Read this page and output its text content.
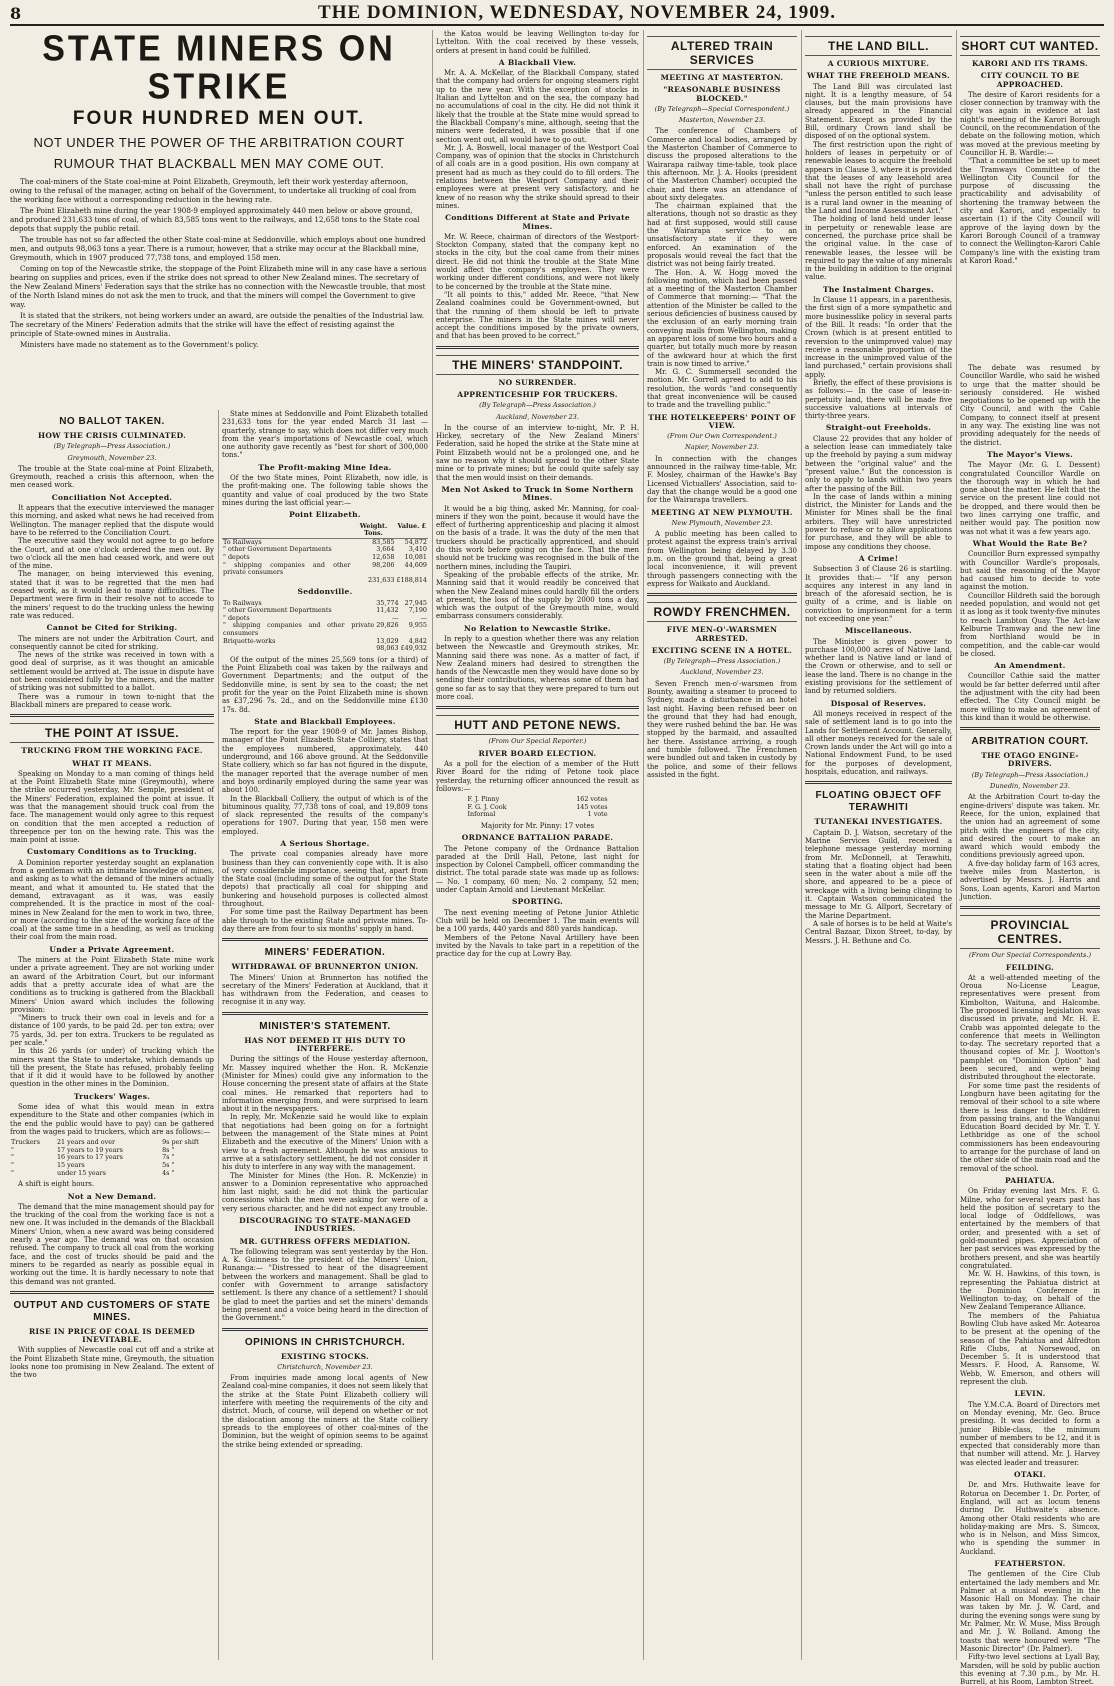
8	THE DOMINION, WEDNESDAY, NOVEMBER 24, 1909.
STATE MINERS ON STRIKE
FOUR HUNDRED MEN OUT.
NOT UNDER THE POWER OF THE ARBITRATION COURT
RUMOUR THAT BLACKBALL MEN MAY COME OUT.

The coal-miners of the State coal-mine at Point Elizabeth, Greymouth, left their work yesterday afternoon, owing to the refusal of the manager, acting on behalf of the Government, to undertake all trucking of coal from the working face without a corresponding reduction in the hewing rate.

The Point Elizabeth mine during the year 1908-9 employed approximately 440 men below or above ground, and produced 231,633 tons of coal, of which 83,585 tons went to the railways, and 12,658 tons to the State coal depots that supply the public retail.

The trouble has not so far affected the other State coal-mine at Seddonville, which employs about one hundred men, and outputs 98,063 tons a year. There is a rumour, however, that a strike may occur at the Blackball mine, Greymouth, which in 1907 produced 77,738 tons, and employed 158 men.

Coming on top of the Newcastle strike, the stoppage of the Point Elizabeth mine will in any case have a serious bearing on supplies and prices, even if the strike does not spread to other New Zealand mines. The secretary of the New Zealand Miners' Federation says that the strike has no connection with the Newcastle trouble, that most of the North Island mines do not ask the men to truck, and that the miners will compel the Government to give way.

It is stated that the strikers, not being workers under an award, are outside the penalties of the Industrial law. The secretary of the Miners' Federation admits that the strike will have the effect of resisting against the principle of State-owned mines in Australia.

Ministers have made no statement as to the Government's policy.

NO BALLOT TAKEN.
HOW THE CRISIS CULMINATED.
(By Telegraph—Press Association.)
Greymouth, November 23.

The trouble at the State coal-mine at Point Elizabeth, Greymouth, reached a crisis this afternoon, when the men ceased work.

Conciliation Not Accepted.

It appears that the executive interviewed the manager this morning, and asked what news he had received from Wellington. The manager replied that the dispute would have to be referred to the Conciliation Court.

The executive said they would not agree to go before the Court, and at one o'clock ordered the men out. By two o'clock all the men had ceased work, and were out of the mine.

The manager, on being interviewed this evening, stated that it was to be regretted that the men had ceased work, as it would lead to many difficulties. The Department were firm in their resolve not to accede to the miners' request to do the trucking unless the hewing rate was reduced.

Cannot be Cited for Striking.

The miners are not under the Arbitration Court, and consequently cannot be cited for striking.

The news of the strike was received in town with a good deal of surprise, as it was thought an amicable settlement would be arrived at. The issue in dispute have not been considered fully by the miners, and the matter of striking was not submitted to a ballot.

There was a rumour in town to-night that the Blackball miners are prepared to cease work.

THE POINT AT ISSUE.
TRUCKING FROM THE WORKING FACE.
WHAT IT MEANS.

Speaking on Monday to a man coming of things held at the Point Elizabeth State mine (Greymouth), where the strike occurred yesterday, Mr. Semple, president of the Miners' Federation, explained the point at issue. It was that the management should truck coal from the face. The management would only agree to this request on condition that the men accepted a reduction of threepence per ton on the hewing rate. This was the main point at issue.

Customary Conditions as to Trucking.

A Dominion reporter yesterday sought an explanation from a gentleman with an intimate knowledge of mines, and asking as to what the demand of the miners actually meant, and what it amounted to. He stated that the demand, extravagant as it was, was easily comprehended. It is the practice in most of the coal-mines in New Zealand for the men to work in two, three, or more (according to the size of the working face of the coal) at the same time in a heading, as well as trucking their coal from the main road.

Under a Private Agreement.

The miners at the Point Elizabeth State mine work under a private agreement. They are not working under an award of the Arbitration Court, but our informant adds that a pretty accurate idea of what are the conditions as to trucking is gathered from the Blackball Miners' Union award which includes the following provision:

"Miners to truck their own coal in levels and for a distance of 100 yards, to be paid 2d. per ton extra; over 75 yards, 3d. per ton extra. Truckers to be regulated as per scale."

In this 26 yards (or under) of trucking which the miners want the State to undertake, which demands up till the present, the State has refused, probably feeling that if it did it would have to be followed by another question in the other mines in the Dominion.

Truckers' Wages.

Some idea of what this would mean in extra expenditure to the State and other companies (which in the end the public would have to pay) can be gathered from the wages paid to truckers, which are as follows:—

Truckers	21 years and over	9s	per shift
"	17 years to 19 years	8s	"
"	16 years to 17 years	7s	"
"	15 years	5s	"
"	under 15 years	4s	"

A shift is eight hours.

Not a New Demand.

The demand that the mine management should pay for the trucking of the coal from the working face is not a new one. It was included in the demands of the Blackball Miners' Union, when a new award was being considered nearly a year ago. The demand was on that occasion refused. The company to truck all coal from the working face, and the cost of trucks should be paid and the miners to be regarded as nearly as possible equal in working out the time. It is hardly necessary to note that this demand was not granted.

OUTPUT AND CUSTOMERS OF STATE MINES.
RISE IN PRICE OF COAL IS DEEMED INEVITABLE.

With supplies of Newcastle coal cut off and a strike at the Point Elizabeth State mine, Greymouth, the situation looks none too promising in New Zealand. The extent of the two

State mines at Seddonville and Point Elizabeth totalled 231,633 tons for the year ended March 31 last — quarterly, strange to say, which does not differ very much from the year's importations of Newcastle coal, which one authority gave recently as "best for short of 300,000 tons."

The Profit-making Mine Idea.

Of the two State mines, Point Elizabeth, now idle, is the profit-making one. The following table shows the quantity and value of coal produced by the two State mines during the last official year:—

Point Elizabeth.
	Weight. Tons.	Value. £
To Railways	83,585	54,872
" other Government Departments	3,664	3,410
" depots	12,658	10,081
" shipping companies and other private consumers	98,206	44,609
	231,633	£188,814
Seddonville.
To Railways	35,774	27,945
" other Government Departments	11,432	7,190
" depots	—	—
" shipping companies and other private consumers	29,826	9,955
Briquette-works	13,029	4,842
	98,063	£49,932

Of the output of the mines 25,569 tons (or a third) of the Point Elizabeth coal was taken by the railways and Government Departments; and the output of the Seddonville mine, is sent by sea to the coast; the net profit for the year on the Point Elizabeth mine is shown as £37,296 7s. 2d., and on the Seddonville mine £130 17s. 8d.

State and Blackball Employees.

The report for the year 1908-9 of Mr. James Bishop, manager of the Point Elizabeth State Colliery, states that the employees numbered, approximately, 440 underground, and 166 above ground. At the Seddonville State colliery, which so far has not figured in the dispute, the manager reported that the average number of men and boys ordinarily employed during the same year was about 100.

In the Blackball Colliery, the output of which is of the bituminous quality, 77,738 tons of coal, and 19,809 tons of slack represented the results of the company's operations for 1907. During that year, 158 men were employed.

A Serious Shortage.

The private coal companies already have more business than they can conveniently cope with. It is also of very considerable importance, seeing that, apart from the State coal (including some of the output for the State depots) that practically all coal for shipping and bunkering and household purposes is collected almost throughout.

For some time past the Railway Department has been able through to the existing State and private mines. To-day there are from four to six months' supply in hand.

MINERS' FEDERATION.
WITHDRAWAL OF BRUNNERTON UNION.

The Miners' Union at Brunnerton has notified the secretary of the Miners' Federation at Auckland, that it has withdrawn from the Federation, and ceases to recognise it in any way.

MINISTER'S STATEMENT.
HAS NOT DEEMED IT HIS DUTY TO INTERFERE.

During the sittings of the House yesterday afternoon, Mr. Massey inquired whether the Hon. R. McKenzie (Minister for Mines) could give any information to the House concerning the present state of affairs at the State coal mines. He remarked that reporters had to information emerging from, and were surprised to learn about it in the newspapers.

In reply, Mr. McKenzie said he would like to explain that negotiations had been going on for a fortnight between the management of the State mines at Point Elizabeth and the executive of the Miners' Union with a view to a fresh agreement. Although he was anxious to arrive at a satisfactory settlement, he did not consider it his duty to interfere in any way with the management.

The Minister for Mines (the Hon. R. McKenzie) in answer to a Dominion representative who approached him last night, said: he did not think the particular concessions which the men were asking for were of a very serious character, and he did not expect any trouble.

DISCOURAGING TO STATE-MANAGED INDUSTRIES.
MR. GUTHRESS OFFERS MEDIATION.

The following telegram was sent yesterday by the Hon. A. K. Guinness to the president of the Miners' Union, Runanga:— "Distressed to hear of the disagreement between the workers and management. Shall be glad to confer with Government to arrange satisfactory settlement. Is there any chance of a settlement? I should be glad to meet the parties and set the miners' demands being present and a voice being heard in the direction of the Government."

OPINIONS IN CHRISTCHURCH.
EXISTING STOCKS.
Christchurch, November 23.

From inquiries made among local agents of New Zealand coal-mine companies, it does not seem likely that the strike at the State Point Elizabeth colliery will interfere with meeting the requirements of the city and district. Much, of course, will depend on whether or not the dislocation among the miners at the State colliery spreads to the employees of other coal-mines of the Dominion, but the weight of opinion seems to be against the strike being extended or spreading.

the Katoa would be leaving Wellington to-day for Lyttelton. With the coal received by these vessels, orders at present in hand could be fulfilled.

A Blackball View.

Mr. A. A. McKellar, of the Blackball Company, stated that the company had orders for ongoing steamers right up to the new year. With the exception of stocks in Italian and Lyttelton and on the sea, the company had no accumulations of coal in the city. He did not think it likely that the trouble at the State mine would spread to the Blackball Company's mine, although, seeing that the miners were federated, it was possible that if one section went out, all would have to go out.

Mr. J. A. Boswell, local manager of the Westport Coal Company, was of opinion that the stocks in Christchurch of all coals are in a good position. His own company at present had as much as they could do to fill orders. The relations between the Westport Company and their employees were at present very satisfactory, and he knew of no reason why the strike should spread to their mines.

Conditions Different at State and Private Mines.

Mr. W. Reece, chairman of directors of the Westport-Stockton Company, stated that the company kept no stocks in the city, but the coal came from their mines direct. He did not think the trouble at the State Mine would affect the company's employees. They were working under different conditions, and were not likely to be concerned by the trouble at the State mine.

"It all points to this," added Mr. Reece, "that New Zealand coalmines could be Government-owned, but that the running of them should be left to private enterprise. The miners in the State mines will never accept the conditions imposed by the private owners, and that has been proved to be correct."

THE MINERS' STANDPOINT.
NO SURRENDER.
APPRENTICESHIP FOR TRUCKERS.
(By Telegraph—Press Association.)
Auckland, November 23.

In the course of an interview to-night, Mr. P. H. Hickey, secretary of the New Zealand Miners' Federation, said he hoped the strike at the State mine at Point Elizabeth would not be a prolonged one, and he saw no reason why it should spread to the other State mine or to private mines; but he could quite safely say that the men would insist on their demands.

Men Not Asked to Truck in Some Northern Mines.

It would be a big thing, asked Mr. Manning, for coal-miners if they won the point, because it would have the effect of furthering apprenticeship and placing it almost on the basis of a trade. It was the duty of the men that truckers should be practically apprenticed, and should do this work before going on the face. That the men should not be trucking was recognised in the bulk of the northern mines, including the Taupiri.

Speaking of the probable effects of the strike, Mr. Manning said that it would readily be conceived that when the New Zealand mines could hardly fill the orders at present, the loss of the supply by 2000 tons a day, which was the output of the Greymouth mine, would embarrass consumers considerably.

No Relation to Newcastle Strike.

In reply to a question whether there was any relation between the Newcastle and Greymouth strikes, Mr. Manning said there was none. As a matter of fact, if New Zealand miners had desired to strengthen the hands of the Newcastle men they would have done so by sending their contributions, whereas some of them had gone so far as to say that they were prepared to turn out more coal.

HUTT AND PETONE NEWS.
(From Our Special Reporter.)
RIVER BOARD ELECTION.

As a poll for the election of a member of the Hutt River Board for the riding of Petone took place yesterday, the returning officer announced the result as follows:—

F. J. Pinny	162 votes
F. G. J. Cook	145 votes
Informal	1 vote

Majority for Mr. Pinny: 17 votes

ORDNANCE BATTALION PARADE.

The Petone company of the Ordnance Battalion paraded at the Drill Hall, Petone, last night for inspection by Colonel Campbell, officer commanding the district. The total parade state was made up as follows:— No. 1 company, 60 men; No. 2 company, 52 men; under Captain Arnold and Lieutenant McKellar.

SPORTING.

The next evening meeting of Petone Junior Athletic Club will be held on December 1. The main events will be a 100 yards, 440 yards and 880 yards handicap.

Members of the Petone Naval Artillery have been invited by the Navals to take part in a repetition of the practice day for the cup at Lowry Bay.

ALTERED TRAIN SERVICES
MEETING AT MASTERTON.
"REASONABLE BUSINESS BLOCKED."
(By Telegraph—Special Correspondent.)
Masterton, November 23.

The conference of Chambers of Commerce and local bodies, arranged by the Masterton Chamber of Commerce to discuss the proposed alterations to the Wairarapa railway time-table, took place this afternoon. Mr. J. A. Hooks (president of the Masterton Chamber) occupied the chair, and there was an attendance of about sixty delegates.

The chairman explained that the alterations, though not so drastic as they had at first supposed, would still cause the Wairarapa service to an unsatisfactory state if they were enforced. An examination of the proposals would reveal the fact that the district was not being fairly treated.

The Hon. A. W. Hogg moved the following motion, which had been passed at a meeting of the Masterton Chamber of Commerce that morning:— "That the attention of the Minister be called to the serious deficiencies of business caused by the exclusion of an early morning train conveying mails from Wellington, making an apparent loss of some two hours and a quarter, but totally much more by reason of the awkward hour at which the first train is now timed to arrive."

Mr. G. C. Summersell seconded the motion. Mr. Gorrell agreed to add to his resolution, the words "and consequently that great inconvenience will be caused to trade and the travelling public."

THE HOTELKEEPERS' POINT OF VIEW.
(From Our Own Correspondent.)
Napier, November 23.

In connection with the changes announced in the railway time-table, Mr. F. Mosley, chairman of the Hawke's Bay Licensed Victuallers' Association, said to-day that the change would be a good one for the Wairarapa travellers.

MEETING AT NEW PLYMOUTH.
New Plymouth, November 23.

A public meeting has been called to protest against the express train's arrival from Wellington being delayed by 3.30 p.m. on the ground that, being a great local inconvenience, it will prevent through passengers connecting with the express for Waikato and Auckland.

ROWDY FRENCHMEN.
FIVE MEN-O'-WARSMEN ARRESTED.
EXCITING SCENE IN A HOTEL.
(By Telegraph—Press Association.)
Auckland, November 23.

Seven French men-o'-warsmen from Bounty, awaiting a steamer to proceed to Sydney, made a disturbance in an hotel last night. Having been refused beer on the ground that they had had enough, they were rushed behind the bar. He was stopped by the barmaid, and assaulted her there. Assistance arriving, a rough and tumble followed. The Frenchmen were bundled out and taken in custody by the police, and some of their fellows assisted in the fight.

THE LAND BILL.
A CURIOUS MIXTURE.
WHAT THE FREEHOLD MEANS.

The Land Bill was circulated last night. It is a lengthy measure, of 54 clauses, but the main provisions have already appeared in the Financial Statement. Except as provided by the Bill, ordinary Crown land shall be disposed of on the optional system.

The first restriction upon the right of holders of leases in perpetuity or of renewable leases to acquire the freehold appears in Clause 3, where it is provided that the leases of any leasehold area shall not have the right of purchase "unless the person entitled to such lease is a rural land owner in the meaning of the Land and Income Assessment Act."

The holding of land held under lease in perpetuity or renewable lease are concerned, the purchase price shall be the original value. In the case of renewable leases, the lessee will be required to pay the value of any minerals in the building in addition to the original value.

The Instalment Charges.

In Clause 11 appears, in a parenthesis, the first sign of a more sympathetic and more businesslike policy in several parts of the Bill. It reads: "In order that the Crown (which is at present entitled to reversion to the unimproved value) may receive a reasonable proportion of the increase in the unimproved value of the land purchased," certain provisions shall apply.

Briefly, the effect of these provisions is as follows:— In the case of lease-in-perpetuity land, there will be made five successive valuations at intervals of thirty-three years.

Straight-out Freeholds.

Clause 22 provides that any holder of a selection lease can immediately take up the freehold by paying a sum midway between the "original value" and the "present value." But the concession is only to apply to lands within two years after the passing of the Bill.

In the case of lands within a mining district, the Minister for Lands and the Minister for Mines shall be the final arbiters. They will have unrestricted power to refuse or to allow applications for purchase, and they will be able to impose any conditions they choose.

A Crime!

Subsection 3 of Clause 26 is startling. It provides that:— "If any person acquires any interest in any land in breach of the aforesaid section, he is guilty of a crime, and is liable on conviction to imprisonment for a term not exceeding one year."

Miscellaneous.

The Minister is given power to purchase 100,000 acres of Native land, whether land is Native land or land of the Crown or otherwise, and to sell or lease the land. There is no change in the existing provisions for the settlement of land by returned soldiers.

Disposal of Reserves.

All moneys received in respect of the sale of settlement land is to go into the Lands for Settlement Account. Generally, all other moneys received for the sale of Crown lands under the Act will go into a National Endowment Fund, to be used for the purposes of development, hospitals, education, and railways.

FLOATING OBJECT OFF TERAWHITI
TUTANEKAI INVESTIGATES.

Captain D. J. Watson, secretary of the Marine Services Guild, received a telephone message yesterday morning from Mr. McDonnell, at Terawhiti, stating that a floating object had been seen in the water about a mile off the shore, and appeared to be a piece of wreckage with a living being clinging to it. Captain Watson communicated the message to Mr. G. Allport, Secretary of the Marine Department.

A sale of horses is to be held at Waite's Central Bazaar, Dixon Street, to-day, by Messrs. J. H. Bethune and Co.

SHORT CUT WANTED.
KARORI AND ITS TRAMS.
CITY COUNCIL TO BE APPROACHED.

The desire of Karori residents for a closer connection by tramway with the city was again in evidence at last night's meeting of the Karori Borough Council, on the recommendation of the debate on the following motion, which was moved at the previous meeting by Councillor H. B. Wardle:—

"That a committee be set up to meet the Tramways Committee of the Wellington City Council for the purpose of discussing the practicability and advisability of shortening the tramway between the city and Karori, and especially to ascertain (1) if the City Council will approve of the laying down by the Karori Borough Council of a tramway to connect the Wellington-Karori Cable Company's line with the existing tram at Karori Road."

The debate was resumed by Councillor Wardle, who said he wished to urge that the matter should be seriously considered. He wished negotiations to be opened up with the City Council, and with the Cable Company, to connect itself at present in any way. The existing line was not providing adequately for the needs of the district.

The Mayor's Views.

The Mayor (Mr. G. I. Dessent) congratulated Councillor Wardle on the thorough way in which he had gone about the matter. He felt that the service on the present line could not be dropped, and there would then be two lines carrying one traffic, and neither would pay. The position now was not what it was a few years ago.

What Would the Rate Be?

Councillor Burn expressed sympathy with Councillor Wardle's proposals, but said the reasoning of the Mayor had caused him to decide to vote against the motion.

Councillor Hildreth said the borough needed population, and would not get it as long as it took twenty-five minutes to reach Lambton Quay. The Act-law Kelburne Tramway and the new line from Northland would be in competition, and the cable-car would be closed.

An Amendment.

Councillor Cathie said the matter would be far better deferred until after the adjustment with the city had been effected. The City Council might be more willing to make an agreement of this kind than it would be otherwise.

ARBITRATION COURT.
THE OTAGO ENGINE-DRIVERS.
(By Telegraph—Press Association.)
Dunedin, November 23.

At the Arbitration Court to-day the engine-drivers' dispute was taken. Mr. Reece, for the union, explained that the union had an agreement of some pitch with the engineers of the city, and desired the court to make an award which would embody the conditions previously agreed upon.

A five-day holiday farm of 163 acres, twelve miles from Masterton, is advertised by Messrs. J. Harris and Sons, Loan agents, Karori and Marton Junction.

PROVINCIAL CENTRES.
(From Our Special Correspondents.)
FEILDING.

At a well-attended meeting of the Oroua No-License League, representatives were present from Kimbolton, Waituna, and Halcombe. The proposed licensing legislation was discussed in private, and Mr. H. E. Crabb was appointed delegate to the conference that meets in Wellington to-day. The secretary reported that a thousand copies of Mr. J. Wootton's pamphlet on "Dominion Option" had been secured, and were being distributed throughout the electorate.

For some time past the residents of Longburn have been agitating for the removal of their school to a site where there is less danger to the children from passing trains, and the Wanganui Education Board decided by Mr. T. Y. Lethbridge as one of the school commissioners has been endeavouring to arrange for the purchase of land on the other side of the main road and the removal of the school.

PAHIATUA.

On Friday evening last Mrs. F. G. Milne, who for several years past has held the position of secretary to the local lodge of Oddfellows, was entertained by the members of that order, and presented with a set of gold-mounted pipes. Appreciation of her past services was expressed by the brothers present, and she was heartily congratulated.

Mr. W. H. Hawkins, of this town, is representing the Pahiatua district at the Dominion Conference in Wellington to-day, on behalf of the New Zealand Temperance Alliance.

The members of the Pahiatua Bowling Club have asked Mr. Aotearoa to be present at the opening of the season of the Pahiatua and Alfredton Rifle Clubs, at Norsewood, on December 5. It is understood that Messrs. F. Hood, A. Ransome, W. Webb, W. Emerson, and others will represent the club.

LEVIN.

The Y.M.C.A. Board of Directors met on Monday evening, Mr. Geo. Bruce presiding. It was decided to form a junior Bible-class, the minimum number of members to be 12, and it is expected that considerably more than that number will attend. Mr. J. Harvey was elected leader and treasurer.

OTAKI.

Dr. and Mrs. Huthwaite leave for Rotorua on December 1. Dr. Porter, of England, will act as locum tenens during Dr. Huthwaite's absence. Among other Otaki residents who are holiday-making are Mrs. S. Simcox, who is in Nelson, and Miss Simcox, who is spending the summer in Auckland.

FEATHERSTON.

The gentlemen of the Cire Club entertained the lady members and Mr. Palmer at a musical evening in the Masonic Hall on Monday. The chair was taken by Mr. J. W. Card, and during the evening songs were sung by Mr. Palmer, Mr. W. Muse, Miss Brough and Mr. J. W. Bolland. Among the toasts that were honoured were "The Masonic Director" (Dr. Palmer).

Fifty-two level sections at Lyall Bay, Marsden, will be sold by public auction this evening at 7.30 p.m., by Mr. H. Burrell, at his Room, Lambton Street.
